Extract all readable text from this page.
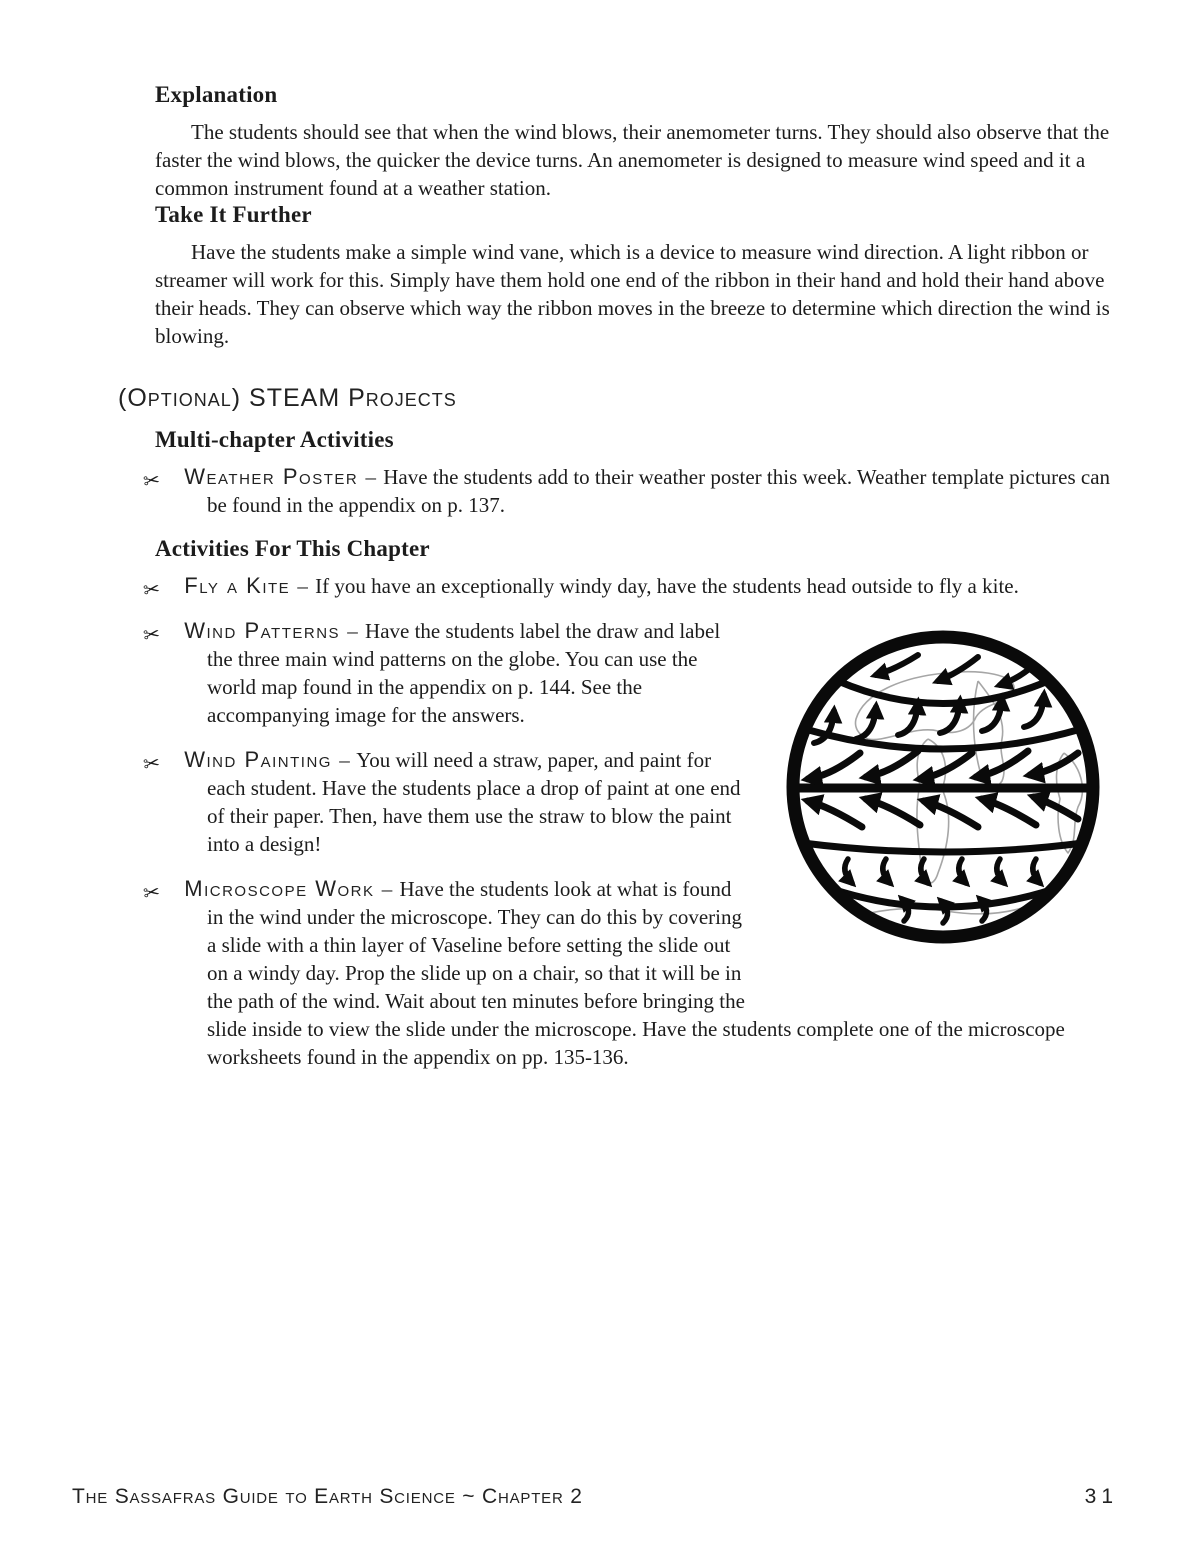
Explanation

The students should see that when the wind blows, their anemometer turns. They should also observe that the faster the wind blows, the quicker the device turns. An anemometer is designed to measure wind speed and it a common instrument found at a weather station.

Take It Further

Have the students make a simple wind vane, which is a device to measure wind direction. A light ribbon or streamer will work for this. Simply have them hold one end of the ribbon in their hand and hold their hand above their heads. They can observe which way the ribbon moves in the breeze to determine which direction the wind is blowing.

(Optional) STEAM Projects
Multi-chapter Activities

✂ Weather Poster – Have the students add to their weather poster this week. Weather template pictures can be found in the appendix on p. 137.

Activities For This Chapter

✂ Fly a Kite – If you have an exceptionally windy day, have the students head outside to fly a kite.

✂ Wind Patterns – Have the students label the draw and label the three main wind patterns on the globe. You can use the world map found in the appendix on p. 144. See the accompanying image for the answers.

✂ Wind Painting – You will need a straw, paper, and paint for each student. Have the students place a drop of paint at one end of their paper. Then, have them use the straw to blow the paint into a design!

✂ Microscope Work – Have the students look at what is found in the wind under the microscope. They can do this by covering a slide with a thin layer of Vaseline before setting the slide out on a windy day. Prop the slide up on a chair, so that it will be in the path of the wind. Wait about ten minutes before bringing the slide inside to view the slide under the microscope. Have the students complete one of the microscope worksheets found in the appendix on pp. 135-136.

The Sassafras Guide to Earth Science ~ Chapter 2	31
